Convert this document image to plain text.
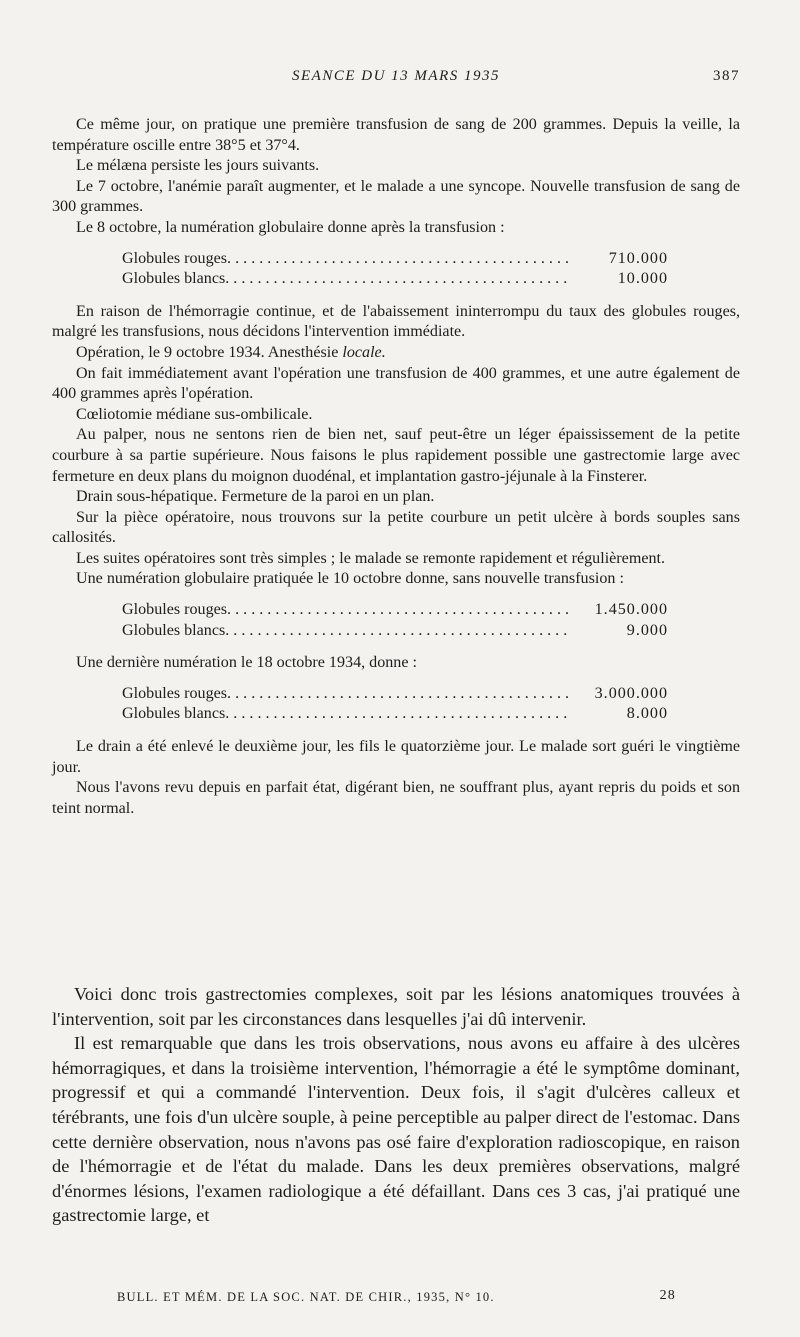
SEANCE DU 13 MARS 1935	387

Ce même jour, on pratique une première transfusion de sang de 200 grammes. Depuis la veille, la température oscille entre 38°5 et 37°4.

Le mélæna persiste les jours suivants.

Le 7 octobre, l'anémie paraît augmenter, et le malade a une syncope. Nouvelle transfusion de sang de 300 grammes.

Le 8 octobre, la numération globulaire donne après la transfusion :

Globules rouges . . .	710.000
Globules blancs . . .	10.000

En raison de l'hémorragie continue, et de l'abaissement ininterrompu du taux des globules rouges, malgré les transfusions, nous décidons l'intervention immédiate.

Opération, le 9 octobre 1934. Anesthésie locale.

On fait immédiatement avant l'opération une transfusion de 400 grammes, et une autre également de 400 grammes après l'opération.

Cœliotomie médiane sus-ombilicale.

Au palper, nous ne sentons rien de bien net, sauf peut-être un léger épaississement de la petite courbure à sa partie supérieure. Nous faisons le plus rapidement possible une gastrectomie large avec fermeture en deux plans du moignon duodénal, et implantation gastro-jéjunale à la Finsterer.

Drain sous-hépatique. Fermeture de la paroi en un plan.

Sur la pièce opératoire, nous trouvons sur la petite courbure un petit ulcère à bords souples sans callosités.

Les suites opératoires sont très simples ; le malade se remonte rapidement et régulièrement.

Une numération globulaire pratiquée le 10 octobre donne, sans nouvelle transfusion :

Globules rouges . . .	1.450.000
Globules blancs . . .	9.000

Une dernière numération le 18 octobre 1934, donne :

Globules rouges . . .	3.000.000
Globules blancs . . .	8.000

Le drain a été enlevé le deuxième jour, les fils le quatorzième jour. Le malade sort guéri le vingtième jour.

Nous l'avons revu depuis en parfait état, digérant bien, ne souffrant plus, ayant repris du poids et son teint normal.

Voici donc trois gastrectomies complexes, soit par les lésions anatomiques trouvées à l'intervention, soit par les circonstances dans lesquelles j'ai dû intervenir.

Il est remarquable que dans les trois observations, nous avons eu affaire à des ulcères hémorragiques, et dans la troisième intervention, l'hémorragie a été le symptôme dominant, progressif et qui a commandé l'intervention. Deux fois, il s'agit d'ulcères calleux et térébrants, une fois d'un ulcère souple, à peine perceptible au palper direct de l'estomac. Dans cette dernière observation, nous n'avons pas osé faire d'exploration radioscopique, en raison de l'hémorragie et de l'état du malade. Dans les deux premières observations, malgré d'énormes lésions, l'examen radiologique a été défaillant. Dans ces 3 cas, j'ai pratiqué une gastrectomie large, et

BULL. ET MÉM. DE LA SOC. NAT. DE CHIR., 1935, N° 10.	28
